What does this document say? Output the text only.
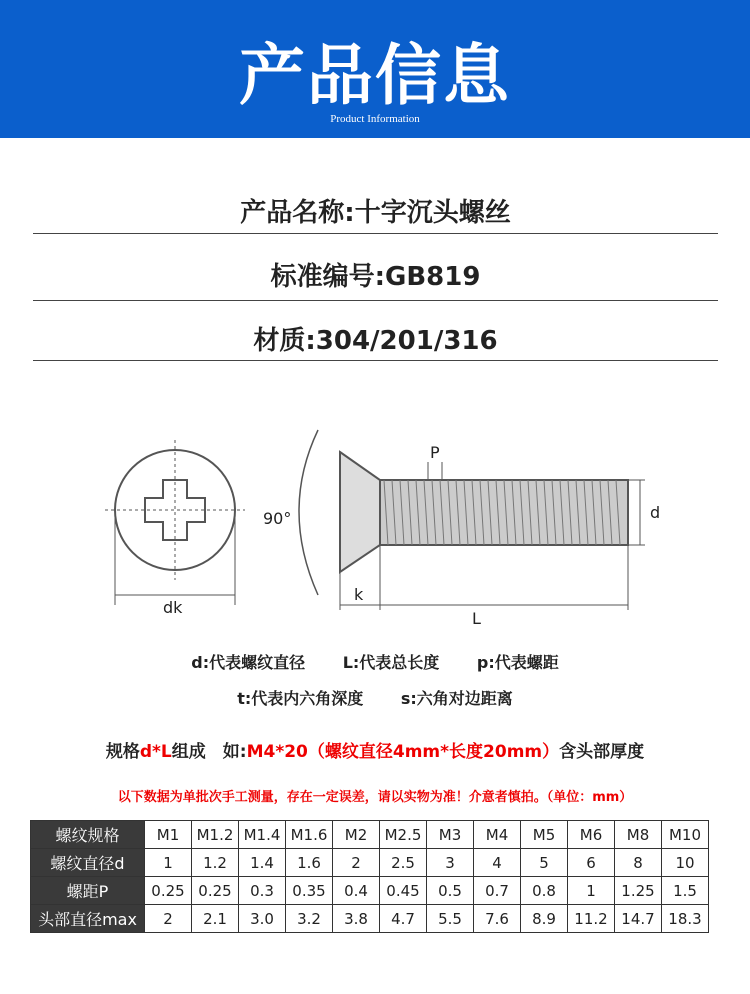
产品信息
Product Information
产品名称:十字沉头螺丝
标准编号:GB819
材质:304/201/316
dk
90°
P
d
k
L
d:代表螺纹直径 L:代表总长度 p:代表螺距
t:代表内六角深度 s:六角对边距离
规格d*L组成　如:M4*20（螺纹直径4mm*长度20mm）含头部厚度
以下数据为单批次手工测量，存在一定误差，请以实物为准！介意者慎拍。（单位：mm）
螺纹规格	M1	M1.2	M1.4	M1.6	M2	M2.5	M3	M4	M5	M6	M8	M10
螺纹直径d	1	1.2	1.4	1.6	2	2.5	3	4	5	6	8	10
螺距P	0.25	0.25	0.3	0.35	0.4	0.45	0.5	0.7	0.8	1	1.25	1.5
头部直径max	2	2.1	3.0	3.2	3.8	4.7	5.5	7.6	8.9	11.2	14.7	18.3
